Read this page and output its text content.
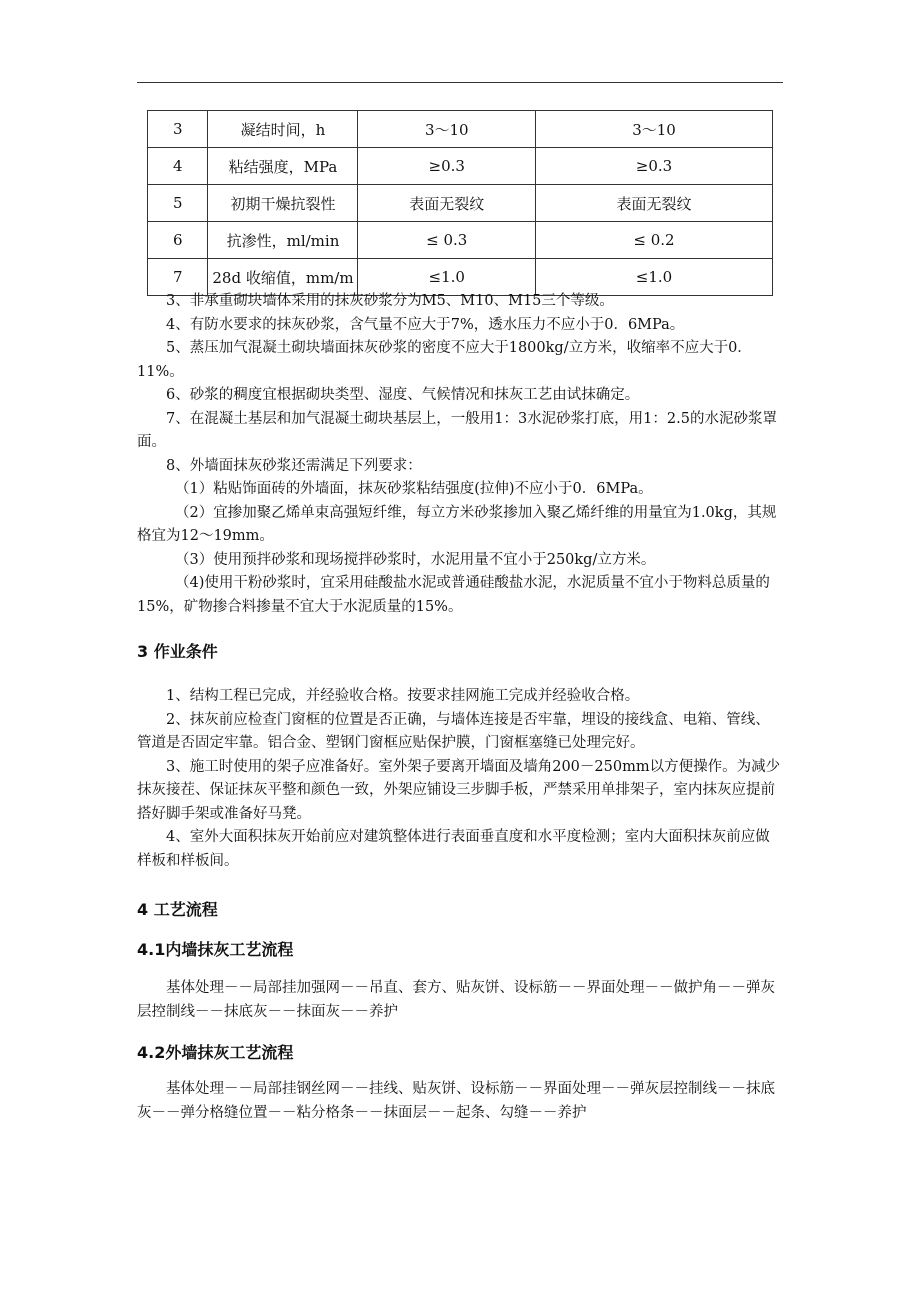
3	凝结时间，h	3～10	3～10
4	粘结强度，MPa	≥0.3	≥0.3
5	初期干燥抗裂性	表面无裂纹	表面无裂纹
6	抗渗性，ml/min	≤ 0.3	≤ 0.2
7	28d 收缩值，mm/m	≤1.0	≤1.0

3、非承重砌块墙体采用的抹灰砂浆分为M5、M10、M15三个等级。

4、有防水要求的抹灰砂浆，含气量不应大于7%，透水压力不应小于0．6MPa。

5、蒸压加气混凝土砌块墙面抹灰砂浆的密度不应大于1800kg/立方米，收缩率不应大于0．11%。

6、砂浆的稠度宜根据砌块类型、湿度、气候情况和抹灰工艺由试抹确定。

7、在混凝土基层和加气混凝土砌块基层上，一般用1：3水泥砂浆打底，用1：2.5的水泥砂浆罩面。

8、外墙面抹灰砂浆还需满足下列要求：

（1）粘贴饰面砖的外墙面，抹灰砂浆粘结强度(拉伸)不应小于0．6MPa。

（2）宜掺加聚乙烯单束高强短纤维，每立方米砂浆掺加入聚乙烯纤维的用量宜为1.0kg，其规格宜为12～19mm。

（3）使用预拌砂浆和现场搅拌砂浆时，水泥用量不宜小于250kg/立方米。

（4)使用干粉砂浆时，宜采用硅酸盐水泥或普通硅酸盐水泥，水泥质量不宜小于物料总质量的15%，矿物掺合料掺量不宜大于水泥质量的15%。

3 作业条件

1、结构工程已完成，并经验收合格。按要求挂网施工完成并经验收合格。

2、抹灰前应检查门窗框的位置是否正确，与墙体连接是否牢靠，埋设的接线盒、电箱、管线、管道是否固定牢靠。铝合金、塑钢门窗框应贴保护膜，门窗框塞缝已处理完好。

3、施工时使用的架子应准备好。室外架子要离开墙面及墙角200－250mm以方便操作。为减少抹灰接茬、保证抹灰平整和颜色一致，外架应铺设三步脚手板，严禁采用单排架子，室内抹灰应提前搭好脚手架或准备好马凳。

4、室外大面积抹灰开始前应对建筑整体进行表面垂直度和水平度检测；室内大面积抹灰前应做样板和样板间。

4 工艺流程
4.1内墙抹灰工艺流程

基体处理－－局部挂加强网－－吊直、套方、贴灰饼、设标筋－－界面处理－－做护角－－弹灰层控制线－－抹底灰－－抹面灰－－养护

4.2外墙抹灰工艺流程

基体处理－－局部挂钢丝网－－挂线、贴灰饼、设标筋－－界面处理－－弹灰层控制线－－抹底灰－－弹分格缝位置－－粘分格条－－抹面层－－起条、勾缝－－养护
